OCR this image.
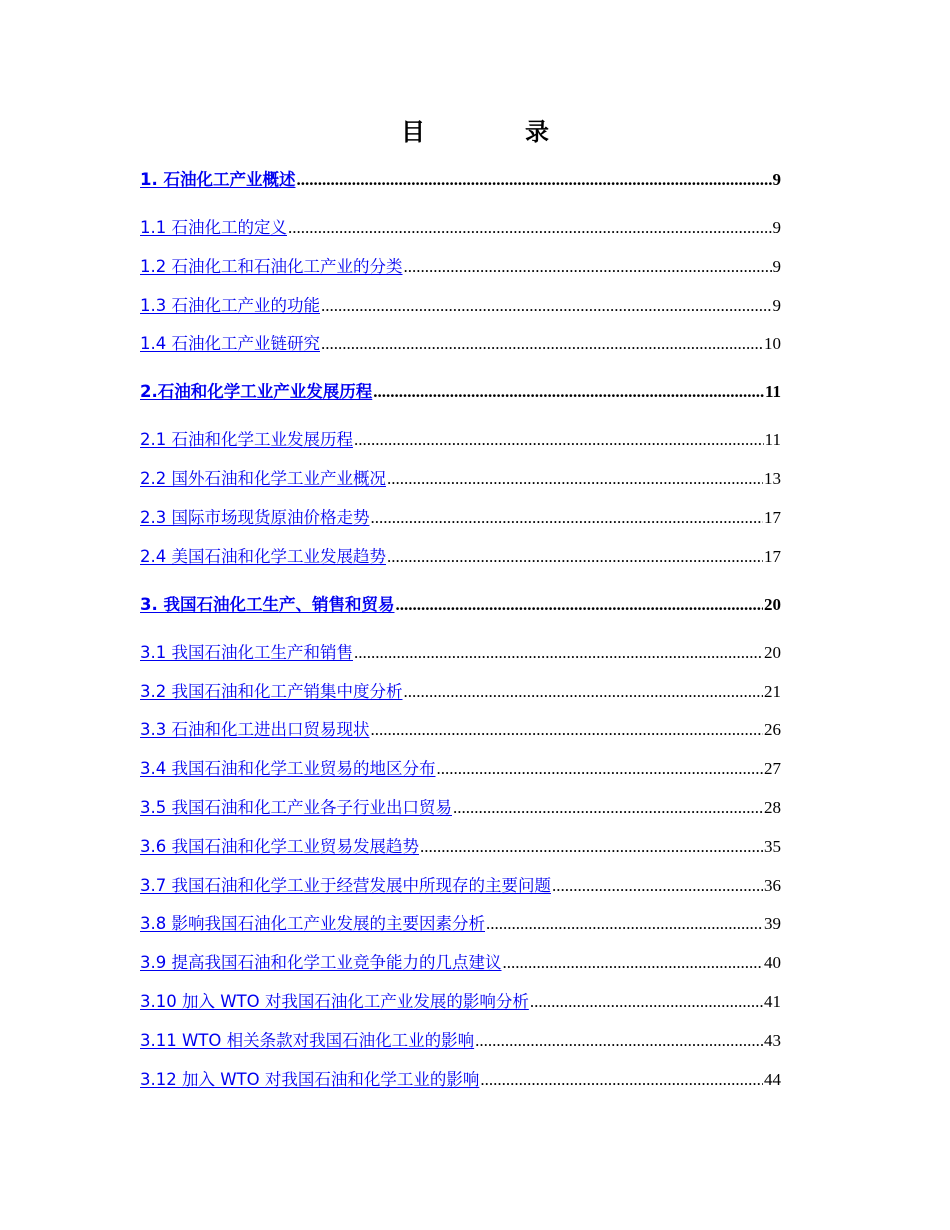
目　录
1. 石油化工产业概述 .....	9
1.1 石油化工的定义 .....	9
1.2 石油化工和石油化工产业的分类 .....	9
1.3 石油化工产业的功能 .....	9
1.4 石油化工产业链研究 .....	10
2.石油和化学工业产业发展历程 .....	11
2.1 石油和化学工业发展历程 .....	11
2.2 国外石油和化学工业产业概况 .....	13
2.3 国际市场现货原油价格走势 .....	17
2.4 美国石油和化学工业发展趋势 .....	17
3. 我国石油化工生产、销售和贸易 .....	20
3.1 我国石油化工生产和销售 .....	20
3.2 我国石油和化工产销集中度分析 .....	21
3.3 石油和化工进出口贸易现状 .....	26
3.4 我国石油和化学工业贸易的地区分布 .....	27
3.5 我国石油和化工产业各子行业出口贸易 .....	28
3.6 我国石油和化学工业贸易发展趋势 .....	35
3.7 我国石油和化学工业于经营发展中所现存的主要问题 .....	36
3.8 影响我国石油化工产业发展的主要因素分析 .....	39
3.9 提高我国石油和化学工业竞争能力的几点建议 .....	40
3.10 加入 WTO 对我国石油化工产业发展的影响分析 .....	41
3.11 WTO 相关条款对我国石油化工业的影响 .....	43
3.12 加入 WTO 对我国石油和化学工业的影响 .....	44
